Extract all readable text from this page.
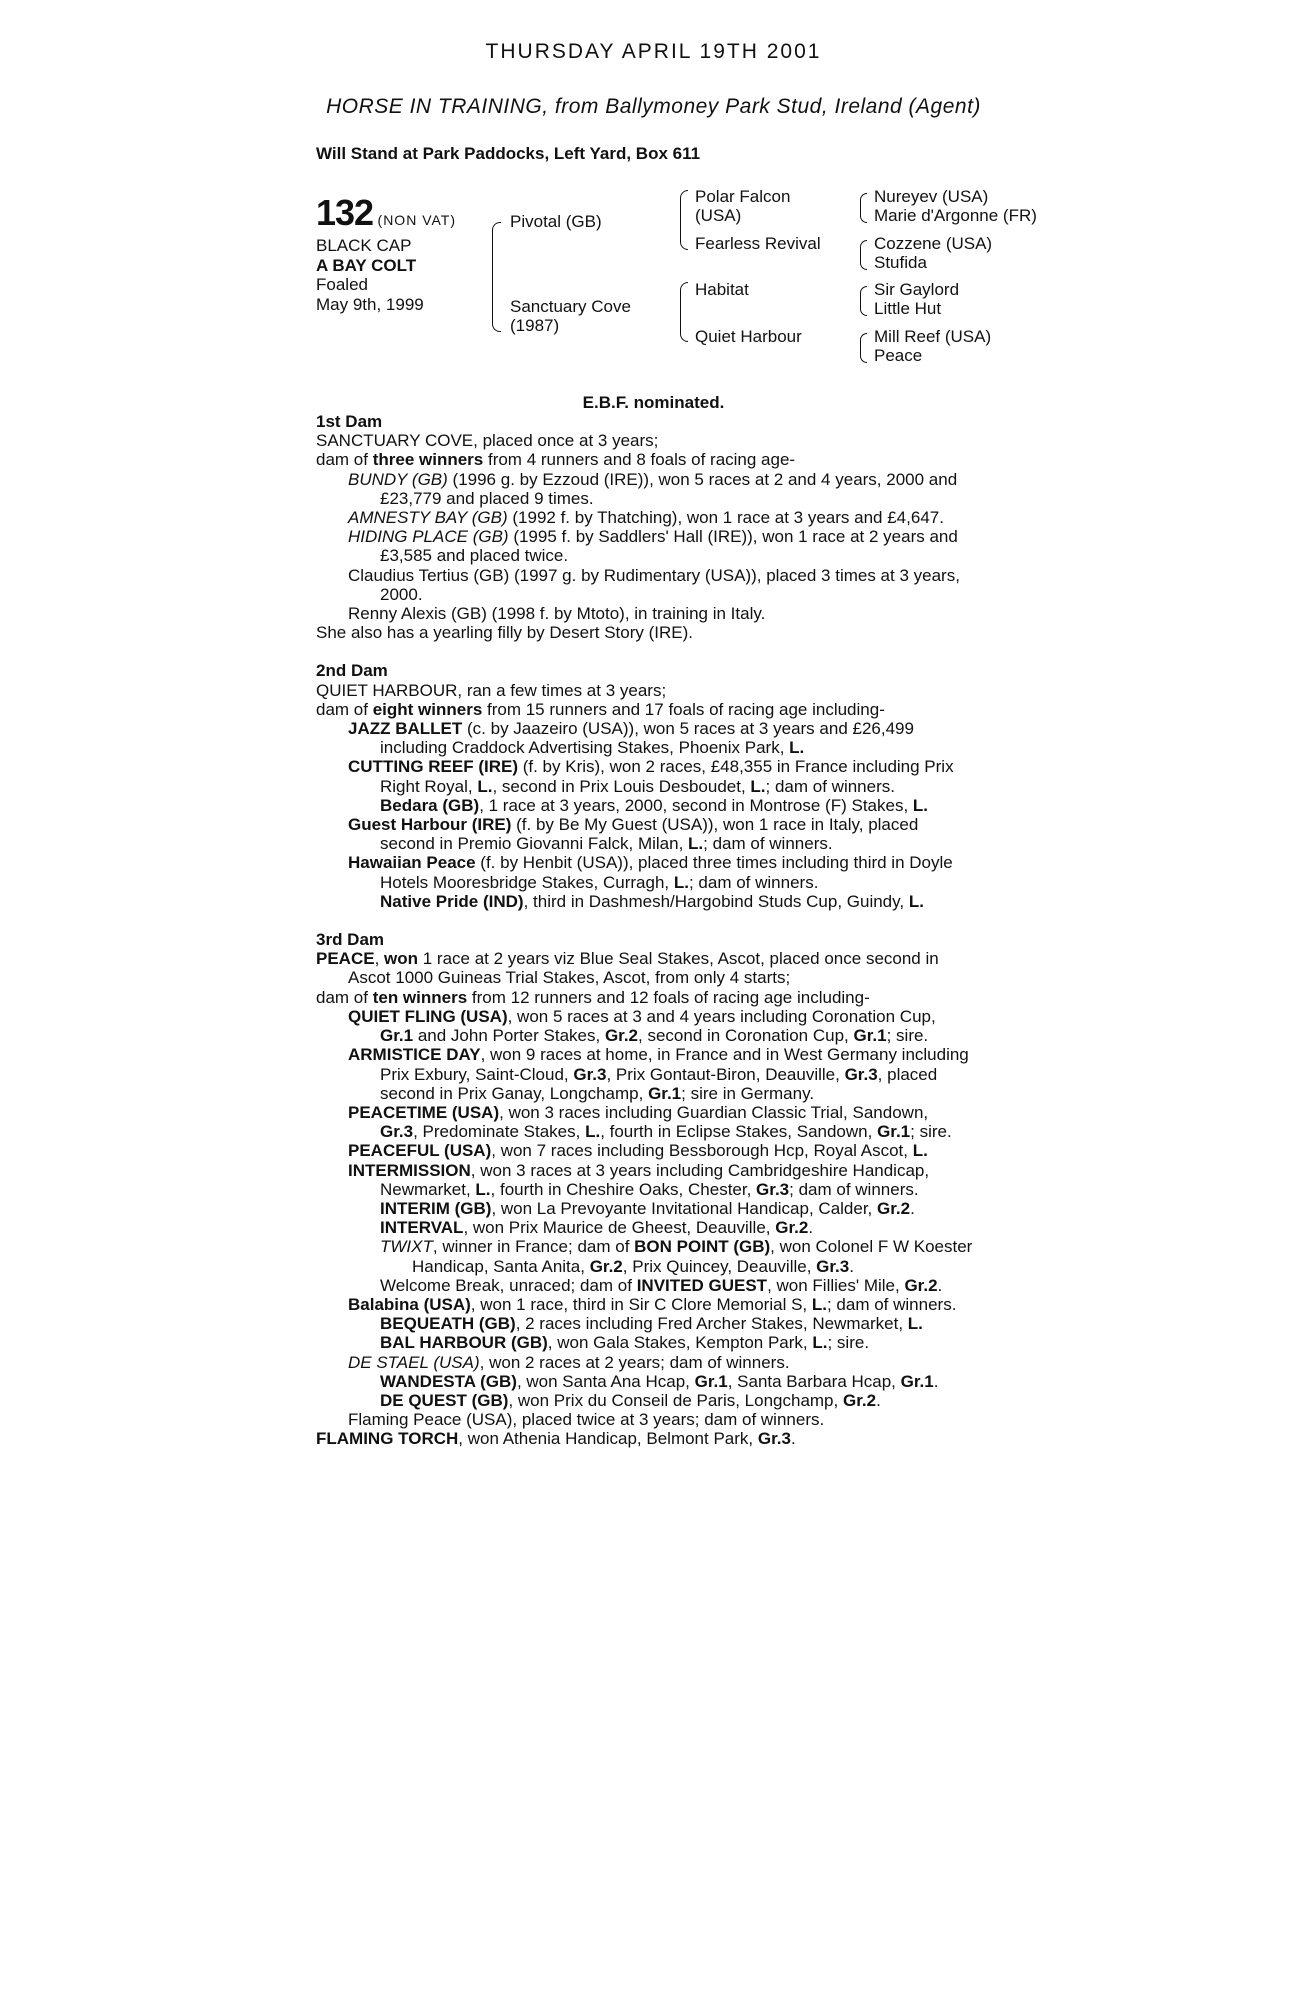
THURSDAY APRIL 19TH 2001
HORSE IN TRAINING, from Ballymoney Park Stud, Ireland (Agent)
Will Stand at Park Paddocks, Left Yard, Box 611
132 (NON VAT)
BLACK CAP
A BAY COLT
Foaled
May 9th, 1999
Pivotal (GB)
Sanctuary Cove
(1987)
Polar Falcon
(USA)
Fearless Revival
Habitat
Quiet Harbour
Nureyev (USA)
Marie d'Argonne (FR)
Cozzene (USA)
Stufida
Sir Gaylord
Little Hut
Mill Reef (USA)
Peace
E.B.F. nominated.

1st Dam

SANCTUARY COVE, placed once at 3 years;

dam of three winners from 4 runners and 8 foals of racing age-

BUNDY (GB) (1996 g. by Ezzoud (IRE)), won 5 races at 2 and 4 years, 2000 and

£23,779 and placed 9 times.

AMNESTY BAY (GB) (1992 f. by Thatching), won 1 race at 3 years and £4,647.

HIDING PLACE (GB) (1995 f. by Saddlers' Hall (IRE)), won 1 race at 2 years and

£3,585 and placed twice.

Claudius Tertius (GB) (1997 g. by Rudimentary (USA)), placed 3 times at 3 years,

2000.

Renny Alexis (GB) (1998 f. by Mtoto), in training in Italy.

She also has a yearling filly by Desert Story (IRE).

2nd Dam

QUIET HARBOUR, ran a few times at 3 years;

dam of eight winners from 15 runners and 17 foals of racing age including-

JAZZ BALLET (c. by Jaazeiro (USA)), won 5 races at 3 years and £26,499

including Craddock Advertising Stakes, Phoenix Park, L.

CUTTING REEF (IRE) (f. by Kris), won 2 races, £48,355 in France including Prix

Right Royal, L., second in Prix Louis Desboudet, L.; dam of winners.

Bedara (GB), 1 race at 3 years, 2000, second in Montrose (F) Stakes, L.

Guest Harbour (IRE) (f. by Be My Guest (USA)), won 1 race in Italy, placed

second in Premio Giovanni Falck, Milan, L.; dam of winners.

Hawaiian Peace (f. by Henbit (USA)), placed three times including third in Doyle

Hotels Mooresbridge Stakes, Curragh, L.; dam of winners.

Native Pride (IND), third in Dashmesh/Hargobind Studs Cup, Guindy, L.

3rd Dam

PEACE, won 1 race at 2 years viz Blue Seal Stakes, Ascot, placed once second in

Ascot 1000 Guineas Trial Stakes, Ascot, from only 4 starts;

dam of ten winners from 12 runners and 12 foals of racing age including-

QUIET FLING (USA), won 5 races at 3 and 4 years including Coronation Cup,

Gr.1 and John Porter Stakes, Gr.2, second in Coronation Cup, Gr.1; sire.

ARMISTICE DAY, won 9 races at home, in France and in West Germany including

Prix Exbury, Saint-Cloud, Gr.3, Prix Gontaut-Biron, Deauville, Gr.3, placed

second in Prix Ganay, Longchamp, Gr.1; sire in Germany.

PEACETIME (USA), won 3 races including Guardian Classic Trial, Sandown,

Gr.3, Predominate Stakes, L., fourth in Eclipse Stakes, Sandown, Gr.1; sire.

PEACEFUL (USA), won 7 races including Bessborough Hcp, Royal Ascot, L.

INTERMISSION, won 3 races at 3 years including Cambridgeshire Handicap,

Newmarket, L., fourth in Cheshire Oaks, Chester, Gr.3; dam of winners.

INTERIM (GB), won La Prevoyante Invitational Handicap, Calder, Gr.2.

INTERVAL, won Prix Maurice de Gheest, Deauville, Gr.2.

TWIXT, winner in France; dam of BON POINT (GB), won Colonel F W Koester

Handicap, Santa Anita, Gr.2, Prix Quincey, Deauville, Gr.3.

Welcome Break, unraced; dam of INVITED GUEST, won Fillies' Mile, Gr.2.

Balabina (USA), won 1 race, third in Sir C Clore Memorial S, L.; dam of winners.

BEQUEATH (GB), 2 races including Fred Archer Stakes, Newmarket, L.

BAL HARBOUR (GB), won Gala Stakes, Kempton Park, L.; sire.

DE STAEL (USA), won 2 races at 2 years; dam of winners.

WANDESTA (GB), won Santa Ana Hcap, Gr.1, Santa Barbara Hcap, Gr.1.

DE QUEST (GB), won Prix du Conseil de Paris, Longchamp, Gr.2.

Flaming Peace (USA), placed twice at 3 years; dam of winners.

FLAMING TORCH, won Athenia Handicap, Belmont Park, Gr.3.
